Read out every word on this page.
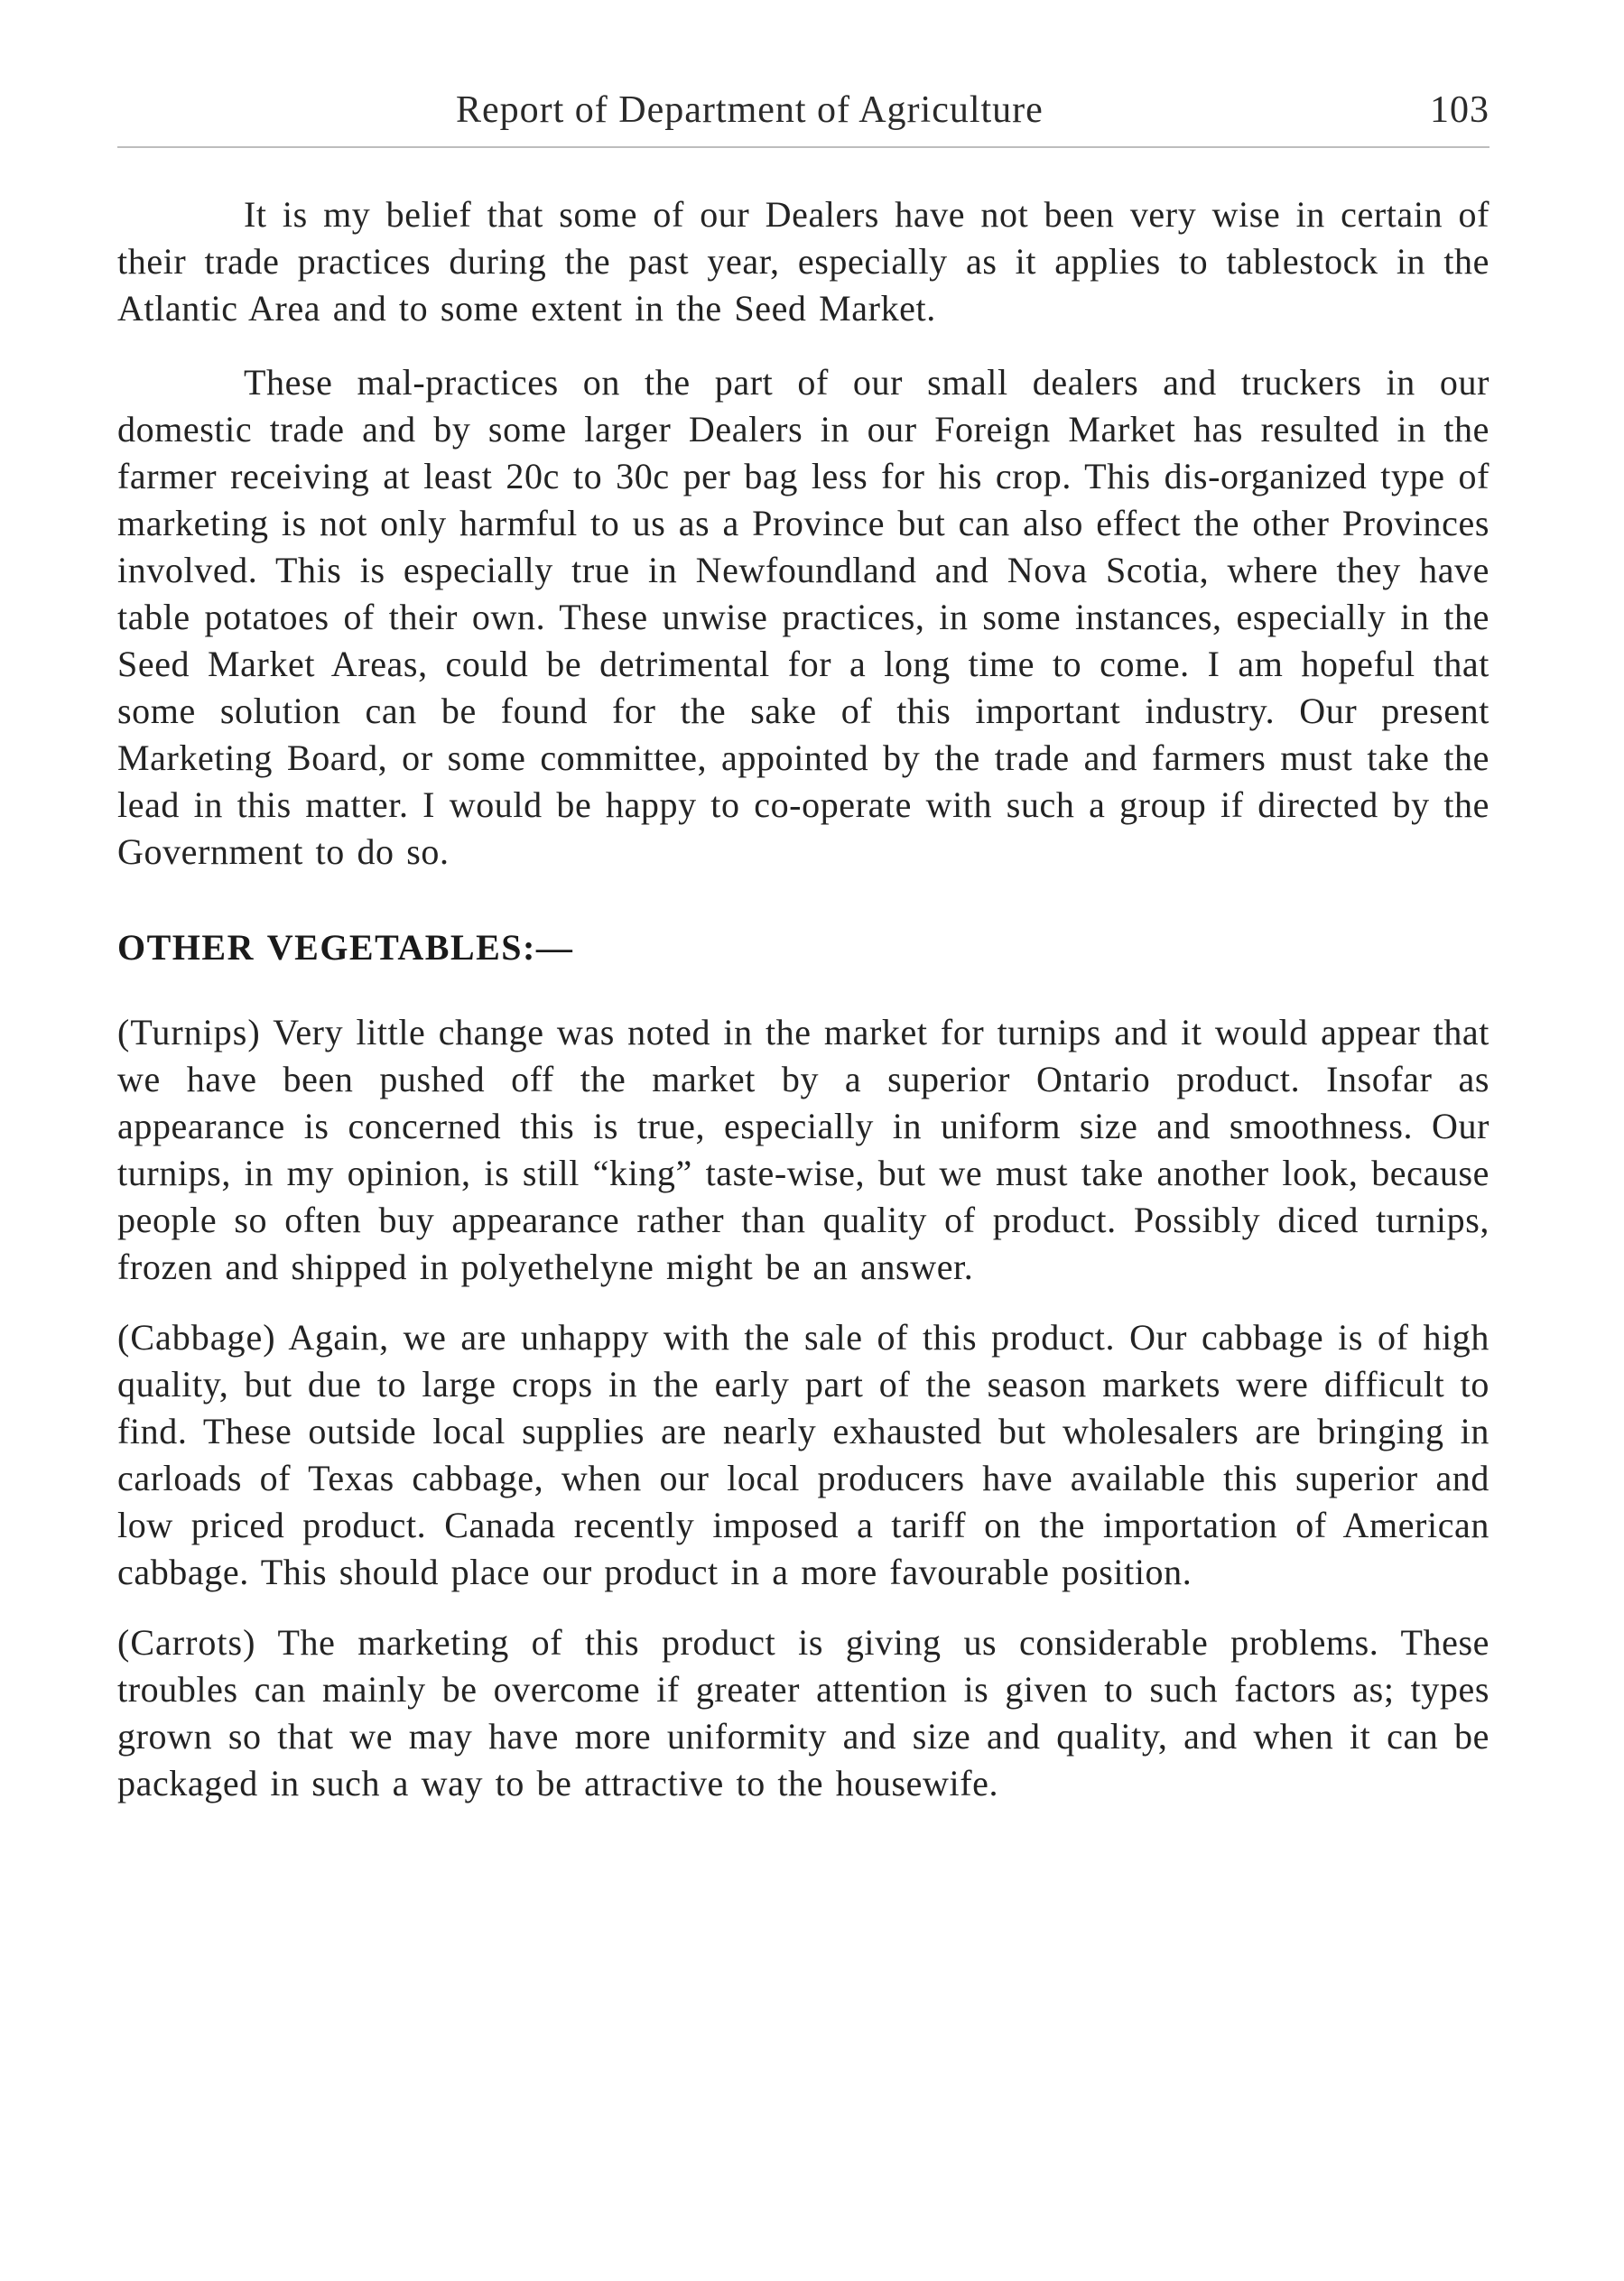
Report of Department of Agriculture	103

It is my belief that some of our Dealers have not been very wise in certain of their trade practices during the past year, especially as it applies to tablestock in the Atlantic Area and to some extent in the Seed Market.

These mal-practices on the part of our small dealers and truckers in our domestic trade and by some larger Dealers in our Foreign Market has resulted in the farmer receiving at least 20c to 30c per bag less for his crop. This dis-organized type of marketing is not only harmful to us as a Province but can also effect the other Provinces involved. This is especially true in Newfoundland and Nova Scotia, where they have table potatoes of their own. These unwise practices, in some instances, especially in the Seed Market Areas, could be detrimental for a long time to come. I am hopeful that some solution can be found for the sake of this important industry. Our present Marketing Board, or some committee, appointed by the trade and farmers must take the lead in this matter. I would be happy to co-operate with such a group if directed by the Government to do so.

OTHER VEGETABLES:—

(Turnips) Very little change was noted in the market for turnips and it would appear that we have been pushed off the market by a superior Ontario product. Insofar as appearance is concerned this is true, especially in uniform size and smoothness. Our turnips, in my opinion, is still “king” taste-wise, but we must take another look, because people so often buy appearance rather than quality of product. Possibly diced turnips, frozen and shipped in polyethelyne might be an answer.

(Cabbage) Again, we are unhappy with the sale of this product. Our cabbage is of high quality, but due to large crops in the early part of the season markets were difficult to find. These outside local supplies are nearly exhausted but wholesalers are bringing in carloads of Texas cabbage, when our local producers have available this superior and low priced product. Canada recently imposed a tariff on the importation of American cabbage. This should place our product in a more favourable position.

(Carrots) The marketing of this product is giving us considerable problems. These troubles can mainly be overcome if greater attention is given to such factors as; types grown so that we may have more uniformity and size and quality, and when it can be packaged in such a way to be attractive to the housewife.
